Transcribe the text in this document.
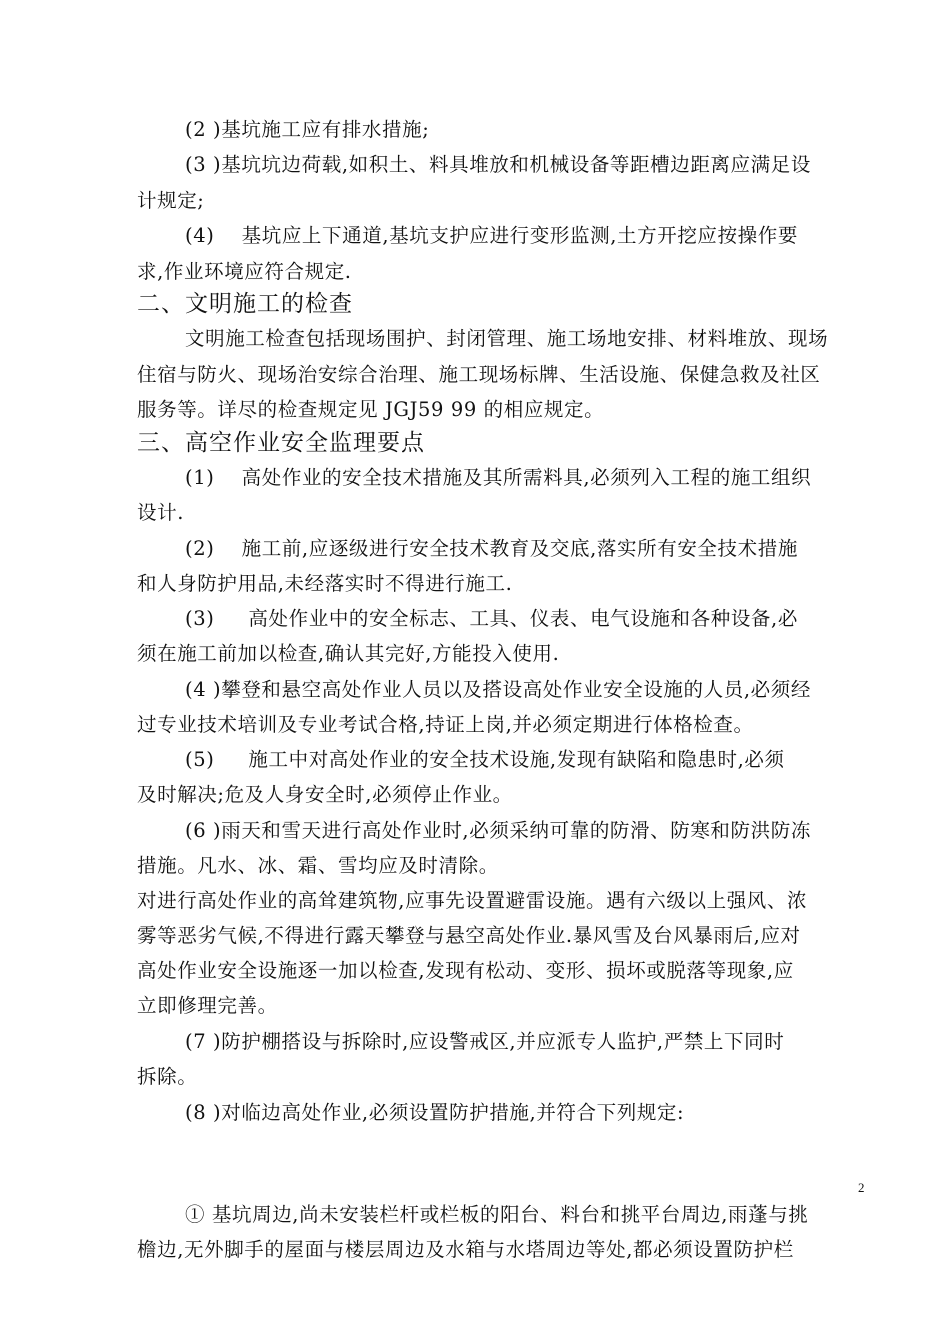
(2 )基坑施工应有排水措施;
(3 )基坑坑边荷载,如积土、料具堆放和机械设备等距槽边距离应满足设
计规定;
(4)    基坑应上下通道,基坑支护应进行变形监测,土方开挖应按操作要
求,作业环境应符合规定.
文明施工检查包括现场围护、封闭管理、施工场地安排、材料堆放、现场
住宿与防火、现场治安综合治理、施工现场标牌、生活设施、保健急救及社区
服务等。详尽的检查规定见 JGJ59 99 的相应规定。
(1)    高处作业的安全技术措施及其所需料具,必须列入工程的施工组织
设计.
(2)    施工前,应逐级进行安全技术教育及交底,落实所有安全技术措施
和人身防护用品,未经落实时不得进行施工.
(3)     高处作业中的安全标志、工具、仪表、电气设施和各种设备,必
须在施工前加以检查,确认其完好,方能投入使用.
(4 )攀登和悬空高处作业人员以及搭设高处作业安全设施的人员,必须经
过专业技术培训及专业考试合格,持证上岗,并必须定期进行体格检查。
(5)     施工中对高处作业的安全技术设施,发现有缺陷和隐患时,必须
及时解决;危及人身安全时,必须停止作业。
(6 )雨天和雪天进行高处作业时,必须采纳可靠的防滑、防寒和防洪防冻
措施。凡水、冰、霜、雪均应及时清除。
对进行高处作业的高耸建筑物,应事先设置避雷设施。遇有六级以上强风、浓
雾等恶劣气候,不得进行露天攀登与悬空高处作业.暴风雪及台风暴雨后,应对
高处作业安全设施逐一加以检查,发现有松动、变形、损坏或脱落等现象,应
立即修理完善。
(7 )防护棚搭设与拆除时,应设警戒区,并应派专人监护,严禁上下同时
拆除。
(8 )对临边高处作业,必须设置防护措施,并符合下列规定:
① 基坑周边,尚未安装栏杆或栏板的阳台、料台和挑平台周边,雨蓬与挑
檐边,无外脚手的屋面与楼层周边及水箱与水塔周边等处,都必须设置防护栏
二、文明施工的检查
三、高空作业安全监理要点
2
